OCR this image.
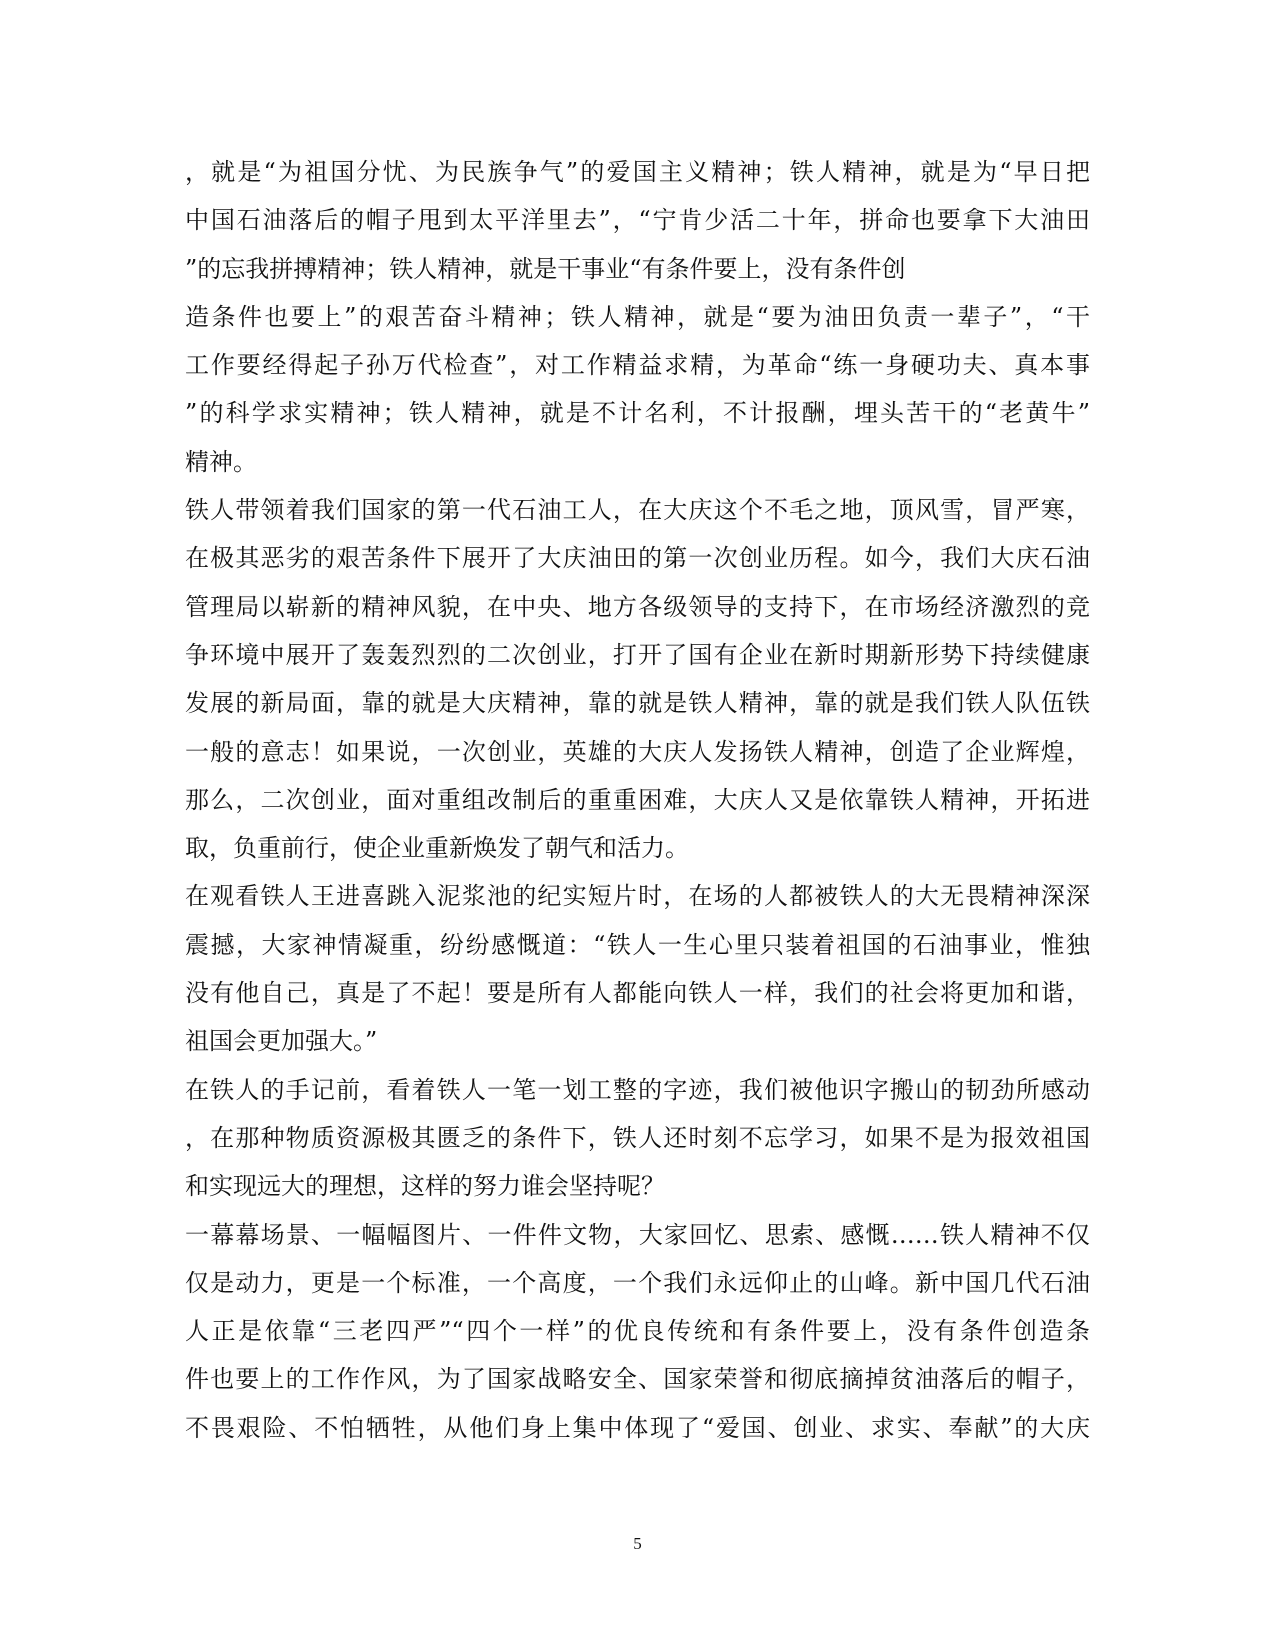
，就是“为祖国分忧、为民族争气”的爱国主义精神；铁人精神，就是为“早日把
中国石油落后的帽子甩到太平洋里去”，“宁肯少活二十年，拼命也要拿下大油田
”的忘我拼搏精神；铁人精神，就是干事业“有条件要上，没有条件创
造条件也要上”的艰苦奋斗精神；铁人精神，就是“要为油田负责一辈子”，“干
工作要经得起子孙万代检查”，对工作精益求精，为革命“练一身硬功夫、真本事
”的科学求实精神；铁人精神，就是不计名利，不计报酬，埋头苦干的“老黄牛”
精神。
铁人带领着我们国家的第一代石油工人，在大庆这个不毛之地，顶风雪，冒严寒，
在极其恶劣的艰苦条件下展开了大庆油田的第一次创业历程。如今，我们大庆石油
管理局以崭新的精神风貌，在中央、地方各级领导的支持下，在市场经济激烈的竞
争环境中展开了轰轰烈烈的二次创业，打开了国有企业在新时期新形势下持续健康
发展的新局面，靠的就是大庆精神，靠的就是铁人精神，靠的就是我们铁人队伍铁
一般的意志！如果说，一次创业，英雄的大庆人发扬铁人精神，创造了企业辉煌，
那么，二次创业，面对重组改制后的重重困难，大庆人又是依靠铁人精神，开拓进
取，负重前行，使企业重新焕发了朝气和活力。
在观看铁人王进喜跳入泥浆池的纪实短片时，在场的人都被铁人的大无畏精神深深
震撼，大家神情凝重，纷纷感慨道：“铁人一生心里只装着祖国的石油事业，惟独
没有他自己，真是了不起！要是所有人都能向铁人一样，我们的社会将更加和谐，
祖国会更加强大。”
在铁人的手记前，看着铁人一笔一划工整的字迹，我们被他识字搬山的韧劲所感动
，在那种物质资源极其匮乏的条件下，铁人还时刻不忘学习，如果不是为报效祖国
和实现远大的理想，这样的努力谁会坚持呢？
一幕幕场景、一幅幅图片、一件件文物，大家回忆、思索、感慨……铁人精神不仅
仅是动力，更是一个标准，一个高度，一个我们永远仰止的山峰。新中国几代石油
人正是依靠“三老四严”“四个一样”的优良传统和有条件要上，没有条件创造条
件也要上的工作作风，为了国家战略安全、国家荣誉和彻底摘掉贫油落后的帽子，
不畏艰险、不怕牺牲，从他们身上集中体现了“爱国、创业、求实、奉献”的大庆
5
